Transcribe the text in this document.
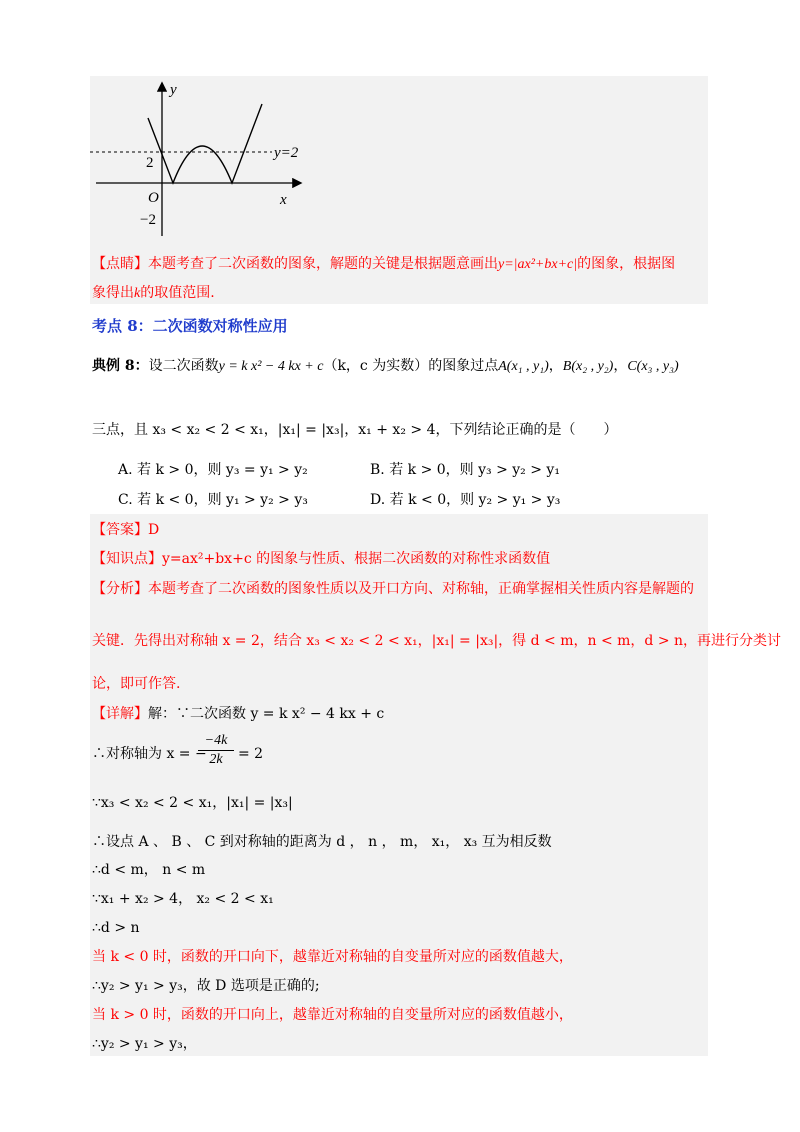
y
x
O
2
−2
y=2
【点睛】本题考查了二次函数的图象，解题的关键是根据题意画出y=|ax²+bx+c|的图象，根据图
象得出k的取值范围.
考点 8：二次函数对称性应用
典例 8：设二次函数y = k x² − 4 kx + c（k，c 为实数）的图象过点A(x₁ , y₁)，B(x₂ , y₂)，C(x₃ , y₃)
三点，且 x₃ < x₂ < 2 < x₁，|x₁| = |x₃|，x₁ + x₂ > 4，下列结论正确的是（　　）
A. 若 k > 0，则 y₃ = y₁ > y₂	B. 若 k > 0，则 y₃ > y₂ > y₁
C. 若 k < 0，则 y₁ > y₂ > y₃	D. 若 k < 0，则 y₂ > y₁ > y₃
【答案】D
【知识点】y=ax²+bx+c 的图象与性质、根据二次函数的对称性求函数值
【分析】本题考查了二次函数的图象性质以及开口方向、对称轴，正确掌握相关性质内容是解题的
关键．先得出对称轴 x = 2，结合 x₃ < x₂ < 2 < x₁，|x₁| = |x₃|，得 d < m，n < m，d > n，再进行分类讨
论，即可作答.
【详解】解：∵二次函数 y = k x² − 4 kx + c
∴对称轴为 x = −
$\frac{-4k}{2k} = 2$
∵x₃ < x₂ < 2 < x₁，|x₁| = |x₃|
∴设点 A 、 B 、 C 到对称轴的距离为 d ， n ， m， x₁， x₃ 互为相反数
∴d < m， n < m
∵x₁ + x₂ > 4， x₂ < 2 < x₁
∴d > n
当 k < 0 时，函数的开口向下，越靠近对称轴的自变量所对应的函数值越大，
∴y₂ > y₁ > y₃，故 D 选项是正确的;
当 k > 0 时，函数的开口向上，越靠近对称轴的自变量所对应的函数值越小，
∴y₂ > y₁ > y₃，
